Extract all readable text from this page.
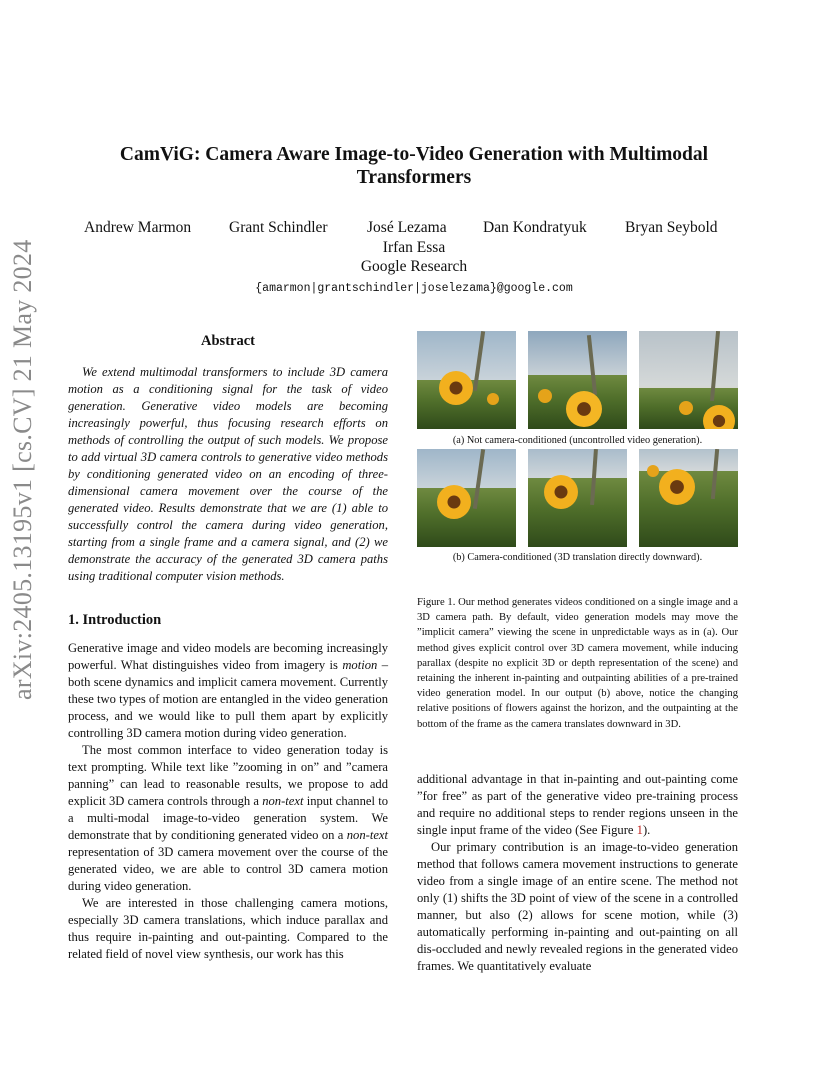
arXiv:2405.13195v1 [cs.CV] 21 May 2024
CamViG: Camera Aware Image-to-Video Generation with Multimodal
Transformers
Andrew Marmon Grant Schindler	José Lezama Dan Kondratyuk Bryan Seybold
Irfan Essa
Google Research
{amarmon|grantschindler|joselezama}@google.com
Abstract

We extend multimodal transformers to include 3D camera motion as a conditioning signal for the task of video generation. Generative video models are becoming increasingly powerful, thus focusing research efforts on methods of controlling the output of such models. We propose to add virtual 3D camera controls to generative video methods by conditioning generated video on an encoding of three-dimensional camera movement over the course of the generated video. Results demonstrate that we are (1) able to successfully control the camera during video generation, starting from a single frame and a camera signal, and (2) we demonstrate the accuracy of the generated 3D camera paths using traditional computer vision methods.

1. Introduction

Generative image and video models are becoming increasingly powerful. What distinguishes video from imagery is motion – both scene dynamics and implicit camera movement. Currently these two types of motion are entangled in the video generation process, and we would like to pull them apart by explicitly controlling 3D camera motion during video generation.

The most common interface to video generation today is text prompting. While text like ”zooming in on” and ”camera panning” can lead to reasonable results, we propose to add explicit 3D camera controls through a non-text input channel to a multi-modal image-to-video generation system. We demonstrate that by conditioning generated video on a non-text representation of 3D camera movement over the course of the generated video, we are able to control 3D camera motion during video generation.

We are interested in those challenging camera motions, especially 3D camera translations, which induce parallax and thus require in-painting and out-painting. Compared to the related field of novel view synthesis, our work has this

(a) Not camera-conditioned (uncontrolled video generation).
(b) Camera-conditioned (3D translation directly downward).
Figure 1. Our method generates videos conditioned on a single image and a 3D camera path. By default, video generation models may move the ”implicit camera” viewing the scene in unpredictable ways as in (a). Our method gives explicit control over 3D camera movement, while inducing parallax (despite no explicit 3D or depth representation of the scene) and retaining the inherent in-painting and outpainting abilities of a pre-trained video generation model. In our output (b) above, notice the changing relative positions of flowers against the horizon, and the outpainting at the bottom of the frame as the camera translates downward in 3D.

additional advantage in that in-painting and out-painting come ”for free” as part of the generative video pre-training process and require no additional steps to render regions unseen in the single input frame of the video (See Figure 1).

Our primary contribution is an image-to-video generation method that follows camera movement instructions to generate video from a single image of an entire scene. The method not only (1) shifts the 3D point of view of the scene in a controlled manner, but also (2) allows for scene motion, while (3) automatically performing in-painting and out-painting on all dis-occluded and newly revealed regions in the generated video frames. We quantitatively evaluate
